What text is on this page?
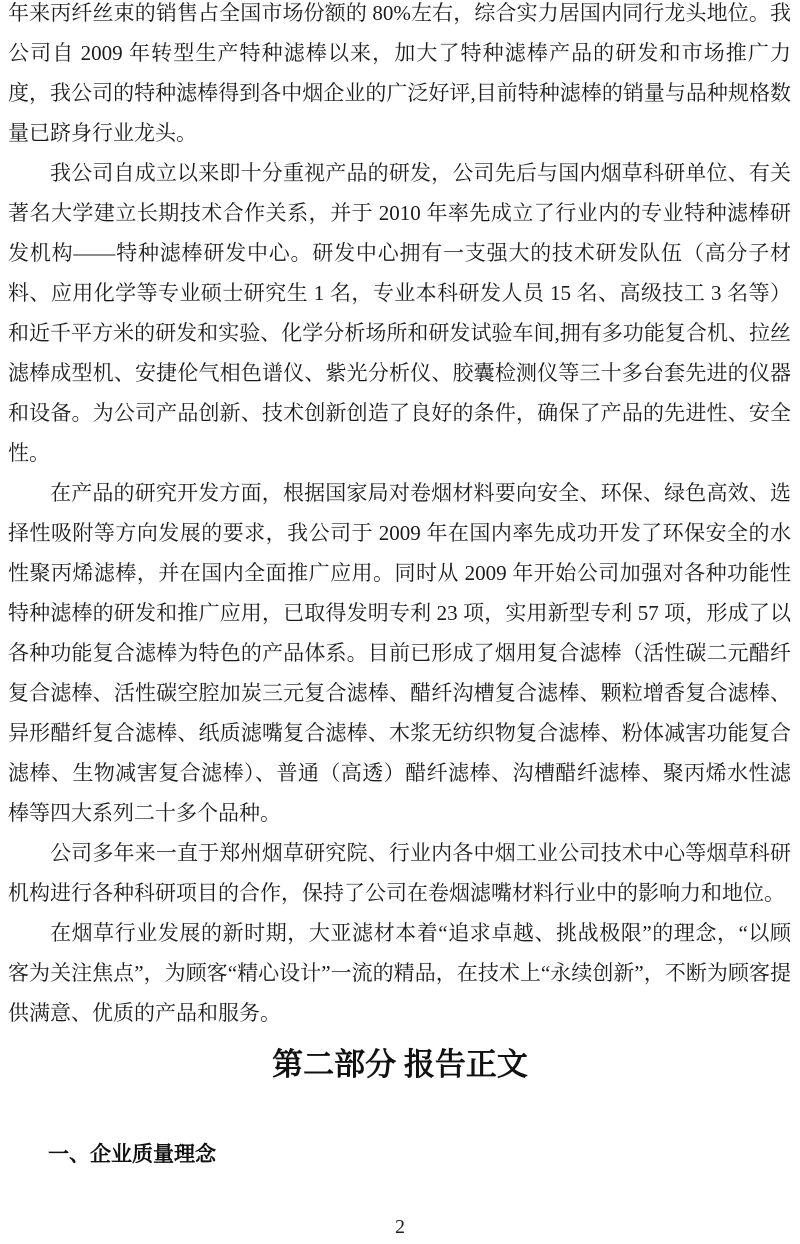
年来丙纤丝束的销售占全国市场份额的 80%左右，综合实力居国内同行龙头地位。我公司自 2009 年转型生产特种滤棒以来，加大了特种滤棒产品的研发和市场推广力度，我公司的特种滤棒得到各中烟企业的广泛好评,目前特种滤棒的销量与品种规格数量已跻身行业龙头。

我公司自成立以来即十分重视产品的研发，公司先后与国内烟草科研单位、有关著名大学建立长期技术合作关系，并于 2010 年率先成立了行业内的专业特种滤棒研发机构——特种滤棒研发中心。研发中心拥有一支强大的技术研发队伍（高分子材料、应用化学等专业硕士研究生 1 名，专业本科研发人员 15 名、高级技工 3 名等）和近千平方米的研发和实验、化学分析场所和研发试验车间,拥有多功能复合机、拉丝滤棒成型机、安捷伦气相色谱仪、紫光分析仪、胶囊检测仪等三十多台套先进的仪器和设备。为公司产品创新、技术创新创造了良好的条件，确保了产品的先进性、安全性。

在产品的研究开发方面，根据国家局对卷烟材料要向安全、环保、绿色高效、选择性吸附等方向发展的要求，我公司于 2009 年在国内率先成功开发了环保安全的水性聚丙烯滤棒，并在国内全面推广应用。同时从 2009 年开始公司加强对各种功能性特种滤棒的研发和推广应用，已取得发明专利 23 项，实用新型专利 57 项，形成了以各种功能复合滤棒为特色的产品体系。目前已形成了烟用复合滤棒（活性碳二元醋纤复合滤棒、活性碳空腔加炭三元复合滤棒、醋纤沟槽复合滤棒、颗粒增香复合滤棒、异形醋纤复合滤棒、纸质滤嘴复合滤棒、木浆无纺织物复合滤棒、粉体减害功能复合滤棒、生物减害复合滤棒）、普通（高透）醋纤滤棒、沟槽醋纤滤棒、聚丙烯水性滤棒等四大系列二十多个品种。

公司多年来一直于郑州烟草研究院、行业内各中烟工业公司技术中心等烟草科研机构进行各种科研项目的合作，保持了公司在卷烟滤嘴材料行业中的影响力和地位。

在烟草行业发展的新时期，大亚滤材本着“追求卓越、挑战极限”的理念，“以顾客为关注焦点”，为顾客“精心设计”一流的精品，在技术上“永续创新”，不断为顾客提供满意、优质的产品和服务。

第二部分 报告正文
一、企业质量理念
2
